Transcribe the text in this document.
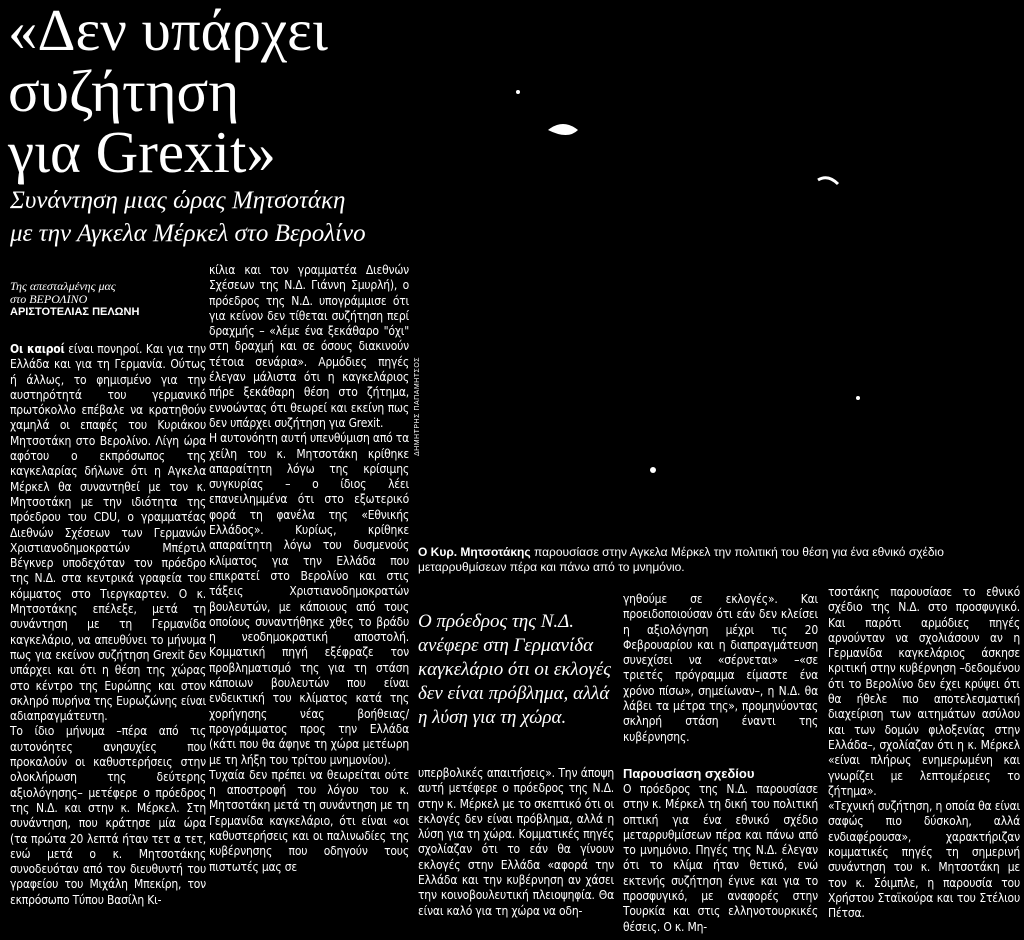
«Δεν υπάρχει
συζήτηση
για Grexit»
Συνάντηση μιας ώρας Μητσοτάκη
με την Αγκελα Μέρκελ στο Βερολίνο
Της απεσταλμένης μας
στο ΒΕΡΟΛΙΝΟ
ΑΡΙΣΤΟΤΕΛΙΑΣ ΠΕΛΩΝΗ
Οι καιροί είναι πονηροί. Και για την Ελλάδα και για τη Γερμανία. Ούτως ή άλλως, το φημισμένο για την αυστηρότητά του γερμανικό πρωτόκολλο επέβαλε να κρατηθούν χαμηλά οι επαφές του Κυριάκου Μητσοτάκη στο Βερολίνο. Λίγη ώρα αφότου ο εκπρόσωπος της καγκελαρίας δήλωνε ότι η Αγκελα Μέρκελ θα συναντηθεί με τον κ. Μητσοτάκη με την ιδιότητα της πρόεδρου του CDU, ο γραμματέας Διεθνών Σχέσεων των Γερμανών Χριστιανοδημοκρατών Μπέρτιλ Βέγκνερ υποδεχόταν τον πρόεδρο της Ν.Δ. στα κεντρικά γραφεία του κόμματος στο Τιεργκαρτεν. Ο κ. Μητσοτάκης επέλεξε, μετά τη συνάντηση με τη Γερμανίδα καγκελάριο, να απευθύνει το μήνυμα πως για εκείνον συζήτηση Grexit δεν υπάρχει και ότι η θέση της χώρας στο κέντρο της Ευρώπης και στον σκληρό πυρήνα της Ευρωζώνης είναι αδιαπραγμάτευτη.
Το ίδιο μήνυμα –πέρα από τις αυτονόητες ανησυχίες που προκαλούν οι καθυστερήσεις στην ολοκλήρωση της δεύτερης αξιολόγησης– μετέφερε ο πρόεδρος της Ν.Δ. και στην κ. Μέρκελ. Στη συνάντηση, που κράτησε μία ώρα (τα πρώτα 20 λεπτά ήταν τετ α τετ, ενώ μετά ο κ. Μητσοτάκης συνοδευόταν από τον διευθυντή του γραφείου του Μιχάλη Μπεκίρη, τον εκπρόσωπο Τύπου Βασίλη Κι-
κίλια και τον γραμματέα Διεθνών Σχέσεων της Ν.Δ. Γιάννη Σμυρλή), ο πρόεδρος της Ν.Δ. υπογράμμισε ότι για κείνον δεν τίθεται συζήτηση περί δραχμής – «λέμε ένα ξεκάθαρο "όχι" στη δραχμή και σε όσους διακινούν τέτοια σενάρια». Αρμόδιες πηγές έλεγαν μάλιστα ότι η καγκελάριος πήρε ξεκάθαρη θέση στο ζήτημα, εννοώντας ότι θεωρεί και εκείνη πως δεν υπάρχει συζήτηση για Grexit.
Η αυτονόητη αυτή υπενθύμιση από τα χείλη του κ. Μητσοτάκη κρίθηκε απαραίτητη λόγω της κρίσιμης συγκυρίας – ο ίδιος λέει επανειλημμένα ότι στο εξωτερικό φορά τη φανέλα της «Εθνικής Ελλάδος». Κυρίως, κρίθηκε απαραίτητη λόγω του δυσμενούς κλίματος για την Ελλάδα που επικρατεί στο Βερολίνο και στις τάξεις Χριστιανοδημοκρατών βουλευτών, με κάποιους από τους οποίους συναντήθηκε χθες το βράδυ η νεοδημοκρατική αποστολή. Κομματική πηγή εξέφραζε τον προβληματισμό της για τη στάση κάποιων βουλευτών που είναι ενδεικτική του κλίματος κατά της χορήγησης νέας βοήθειας/προγράμματος προς την Ελλάδα (κάτι που θα άφηνε τη χώρα μετέωρη με τη λήξη του τρίτου μνημονίου).
Τυχαία δεν πρέπει να θεωρείται ούτε η αποστροφή του λόγου του κ. Μητσοτάκη μετά τη συνάντηση με τη Γερμανίδα καγκελάριο, ότι είναι «οι καθυστερήσεις και οι παλινωδίες της κυβέρνησης που οδηγούν τους πιστωτές μας σε
ΔΗΜΗΤΡΗΣ ΠΑΠΑΜΗΤΣΟΣ
Ο Κυρ. Μητσοτάκης παρουσίασε στην Αγκελα Μέρκελ την πολιτική του θέση για ένα εθνικό σχέδιο μεταρρυθμίσεων πέρα και πάνω από το μνημόνιο.
Ο πρόεδρος της Ν.Δ. ανέφερε στη Γερμανίδα καγκελάριο ότι οι εκλογές δεν είναι πρόβλημα, αλλά η λύση για τη χώρα.
υπερβολικές απαιτήσεις». Την άποψη αυτή μετέφερε ο πρόεδρος της Ν.Δ. στην κ. Μέρκελ με το σκεπτικό ότι οι εκλογές δεν είναι πρόβλημα, αλλά η λύση για τη χώρα. Κομματικές πηγές σχολίαζαν ότι το εάν θα γίνουν εκλογές στην Ελλάδα «αφορά την Ελλάδα και την κυβέρνηση αν χάσει την κοινοβουλευτική πλειοψηφία. Θα είναι καλό για τη χώρα να οδη-
γηθούμε σε εκλογές». Και προειδοποιούσαν ότι εάν δεν κλείσει η αξιολόγηση μέχρι τις 20 Φεβρουαρίου και η διαπραγμάτευση συνεχίσει να «σέρνεται» –«σε τριετές πρόγραμμα είμαστε ένα χρόνο πίσω», σημείωναν–, η Ν.Δ. θα λάβει τα μέτρα της», προμηνύοντας σκληρή στάση έναντι της κυβέρνησης.
Παρουσίαση σχεδίου
Ο πρόεδρος της Ν.Δ. παρουσίασε στην κ. Μέρκελ τη δική του πολιτική οπτική για ένα εθνικό σχέδιο μεταρρυθμίσεων πέρα και πάνω από το μνημόνιο. Πηγές της Ν.Δ. έλεγαν ότι το κλίμα ήταν θετικό, ενώ εκτενής συζήτηση έγινε και για το προσφυγικό, με αναφορές στην Τουρκία και στις ελληνοτουρκικές θέσεις. Ο κ. Μη-
τσοτάκης παρουσίασε το εθνικό σχέδιο της Ν.Δ. στο προσφυγικό. Και παρότι αρμόδιες πηγές αρνούνταν να σχολιάσουν αν η Γερμανίδα καγκελάριος άσκησε κριτική στην κυβέρνηση –δεδομένου ότι το Βερολίνο δεν έχει κρύψει ότι θα ήθελε πιο αποτελεσματική διαχείριση των αιτημάτων ασύλου και των δομών φιλοξενίας στην Ελλάδα–, σχολίαζαν ότι η κ. Μέρκελ «είναι πλήρως ενημερωμένη και γνωρίζει με λεπτομέρειες το ζήτημα».
«Τεχνική συζήτηση, η οποία θα είναι σαφώς πιο δύσκολη, αλλά ενδιαφέρουσα», χαρακτήριζαν κομματικές πηγές τη σημερινή συνάντηση του κ. Μητσοτάκη με τον κ. Σόιμπλε, η παρουσία του Χρήστου Σταϊκούρα και του Στέλιου Πέτσα.
